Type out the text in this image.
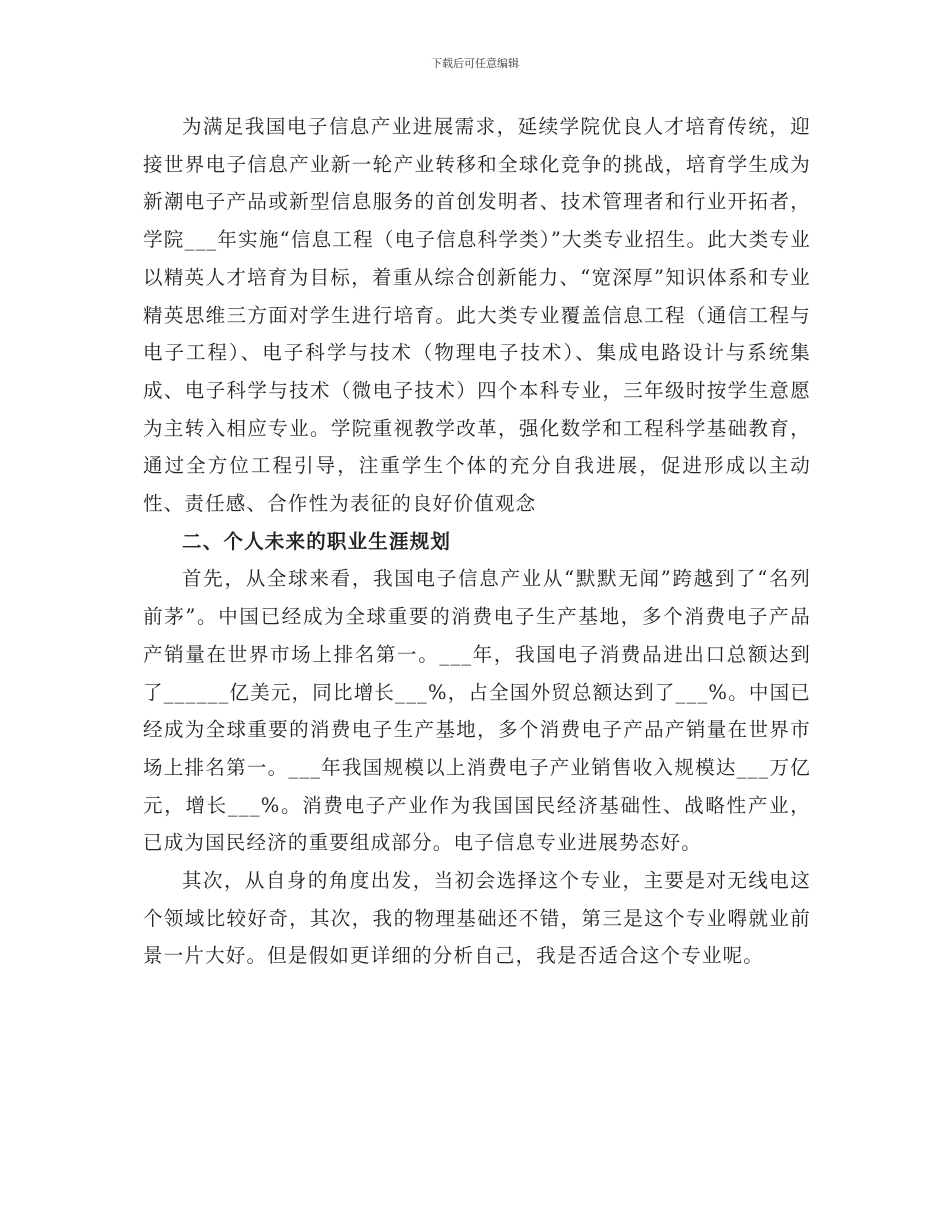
下载后可任意编辑

为满足我国电子信息产业进展需求，延续学院优良人才培育传统，迎接世界电子信息产业新一轮产业转移和全球化竞争的挑战，培育学生成为新潮电子产品或新型信息服务的首创发明者、技术管理者和行业开拓者，学院___年实施“信息工程（电子信息科学类）”大类专业招生。此大类专业以精英人才培育为目标，着重从综合创新能力、“宽深厚”知识体系和专业精英思维三方面对学生进行培育。此大类专业覆盖信息工程（通信工程与电子工程）、电子科学与技术（物理电子技术）、集成电路设计与系统集成、电子科学与技术（微电子技术）四个本科专业，三年级时按学生意愿为主转入相应专业。学院重视教学改革，强化数学和工程科学基础教育，通过全方位工程引导，注重学生个体的充分自我进展，促进形成以主动性、责任感、合作性为表征的良好价值观念

二、个人未来的职业生涯规划

首先，从全球来看，我国电子信息产业从“默默无闻”跨越到了“名列前茅”。中国已经成为全球重要的消费电子生产基地，多个消费电子产品产销量在世界市场上排名第一。___年，我国电子消费品进出口总额达到了______亿美元，同比增长___%，占全国外贸总额达到了___%。中国已经成为全球重要的消费电子生产基地，多个消费电子产品产销量在世界市场上排名第一。___年我国规模以上消费电子产业销售收入规模达___万亿元，增长___%。消费电子产业作为我国国民经济基础性、战略性产业，已成为国民经济的重要组成部分。电子信息专业进展势态好。

其次，从自身的角度出发，当初会选择这个专业，主要是对无线电这个领域比较好奇，其次，我的物理基础还不错，第三是这个专业嘚就业前景一片大好。但是假如更详细的分析自己，我是否适合这个专业呢。
